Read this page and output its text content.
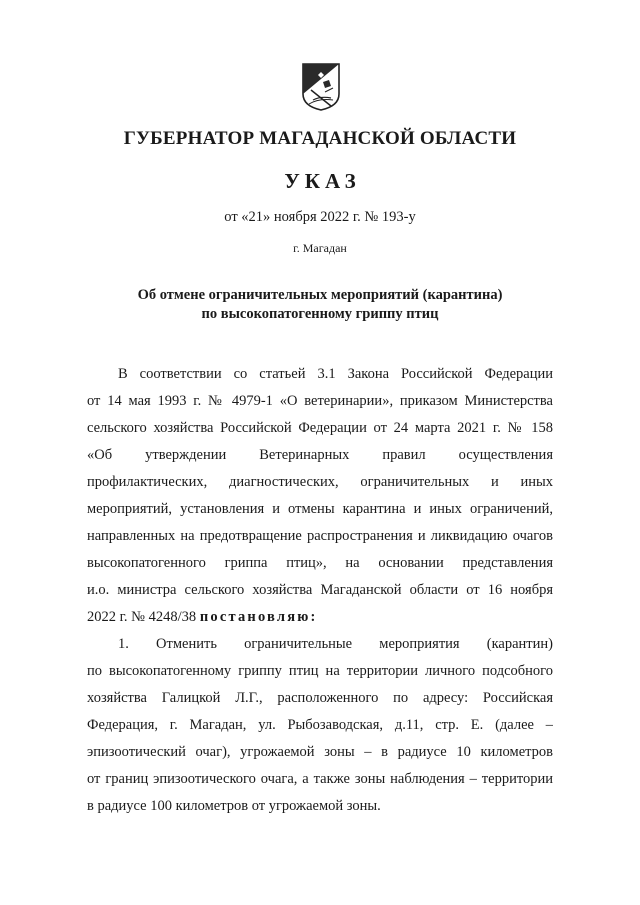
ГУБЕРНАТОР МАГАДАНСКОЙ ОБЛАСТИ
УКАЗ
от «21» ноября 2022 г. № 193-у
г. Магадан
Об отмене ограничительных мероприятий (карантина)
по высокопатогенному гриппу птиц
В соответствии со статьей 3.1 Закона Российской Федерации
от 14 мая 1993 г. № 4979-1 «О ветеринарии», приказом Министерства
сельского хозяйства Российской Федерации от 24 марта 2021 г. № 158
«Об утверждении Ветеринарных правил осуществления
профилактических, диагностических, ограничительных и иных
мероприятий, установления и отмены карантина и иных ограничений,
направленных на предотвращение распространения и ликвидацию очагов
высокопатогенного гриппа птиц», на основании представления
и.о. министра сельского хозяйства Магаданской области от 16 ноября
2022 г. № 4248/38 постановляю:
1. Отменить ограничительные мероприятия (карантин)
по высокопатогенному гриппу птиц на территории личного подсобного
хозяйства Галицкой Л.Г., расположенного по адресу: Российская
Федерация, г. Магадан, ул. Рыбозаводская, д.11, стр. Е. (далее –
эпизоотический очаг), угрожаемой зоны – в радиусе 10 километров
от границ эпизоотического очага, а также зоны наблюдения – территории
в радиусе 100 километров от угрожаемой зоны.
